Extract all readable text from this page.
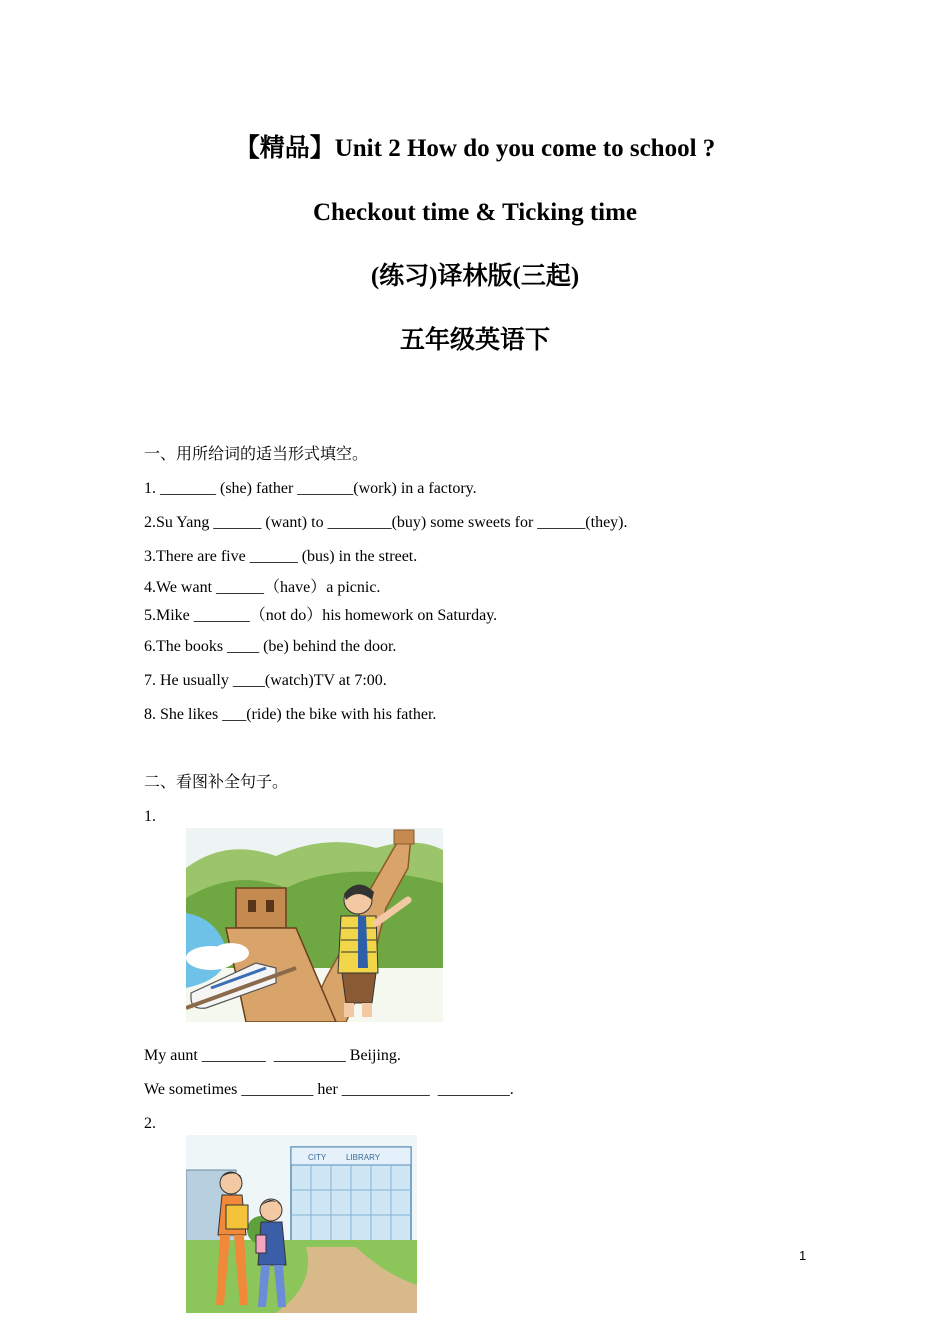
【精品】Unit 2 How do you come to school ?
Checkout time & Ticking time
(练习)译林版(三起)
五年级英语下
一、用所给词的适当形式填空。
1. _______ (she) father _______(work) in a factory.
2.Su Yang ______ (want) to ________(buy) some sweets for ______(they).
3.There are five ______ (bus) in the street.
4.We want ______（have）a picnic.
5.Mike _______（not do）his homework on Saturday.
6.The books ____ (be) behind the door.
7. He usually ____(watch)TV at 7:00.
8. She likes ___(ride) the bike with his father.
二、看图补全句子。
1.
My aunt ________  _________ Beijing.
We sometimes _________ her ___________  _________.
2.
CITY LIBRARY
1
